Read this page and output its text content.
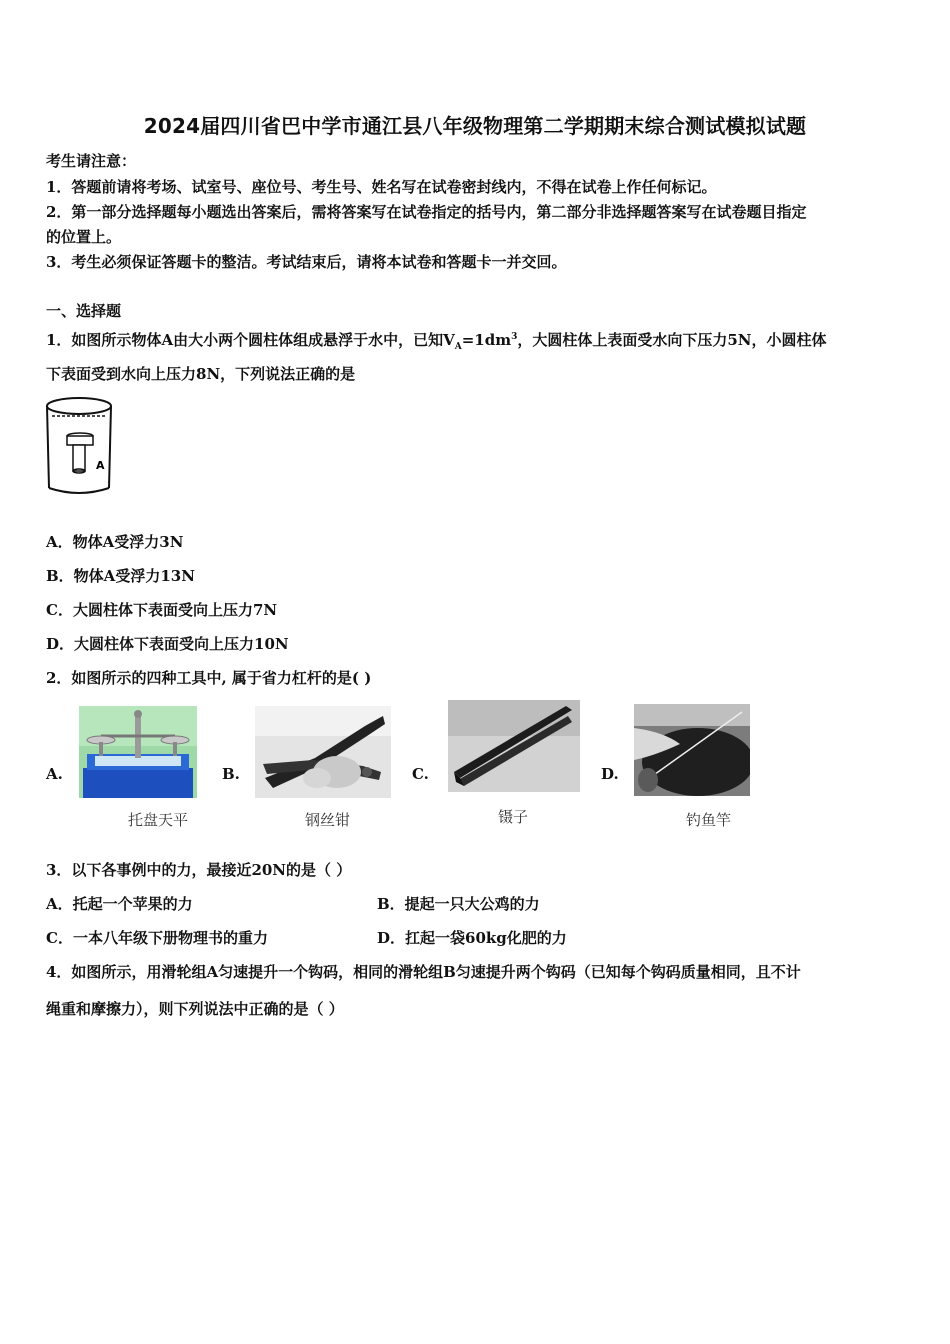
2024届四川省巴中学市通江县八年级物理第二学期期末综合测试模拟试题
考生请注意：
1．答题前请将考场、试室号、座位号、考生号、姓名写在试卷密封线内，不得在试卷上作任何标记。
2．第一部分选择题每小题选出答案后，需将答案写在试卷指定的括号内，第二部分非选择题答案写在试卷题目指定
的位置上。
3．考生必须保证答题卡的整洁。考试结束后，请将本试卷和答题卡一并交回。
一、选择题
1．如图所示物体A由大小两个圆柱体组成悬浮于水中，已知$V_A=1dm^3$，大圆柱体上表面受水向下压力5N，小圆柱体
下表面受到水向上压力8N，下列说法正确的是
A
A．物体A受浮力3N
B．物体A受浮力13N
C．大圆柱体下表面受向上压力7N
D．大圆柱体下表面受向上压力10N
2．如图所示的四种工具中, 属于省力杠杆的是( )
A.	B.	C.	D.
托盘天平	钢丝钳	镊子	钓鱼竿
3．以下各事例中的力，最接近20N的是（ ）
A．托起一个苹果的力	B．提起一只大公鸡的力
C．一本八年级下册物理书的重力	D．扛起一袋60kg化肥的力
4．如图所示，用滑轮组A匀速提升一个钩码，相同的滑轮组B匀速提升两个钩码（已知每个钩码质量相同，且不计
绳重和摩擦力），则下列说法中正确的是（ ）
